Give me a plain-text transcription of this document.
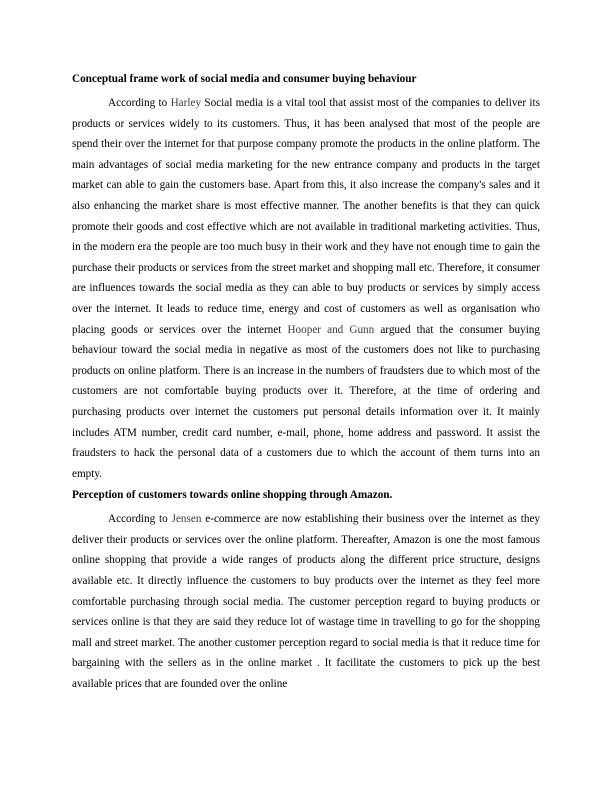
Conceptual frame work of social media and consumer buying behaviour

According to Harley Social media is a vital tool that assist most of the companies to deliver its products or services widely to its customers. Thus, it has been analysed that most of the people are spend their over the internet for that purpose company promote the products in the online platform. The main advantages of social media marketing for the new entrance company and products in the target market can able to gain the customers base. Apart from this, it also increase the company's sales and it also enhancing the market share is most effective manner. The another benefits is that they can quick promote their goods and cost effective which are not available in traditional marketing activities. Thus, in the modern era the people are too much busy in their work and they have not enough time to gain the purchase their products or services from the street market and shopping mall etc. Therefore, it consumer are influences towards the social media as they can able to buy products or services by simply access over the internet. It leads to reduce time, energy and cost of customers as well as organisation who placing goods or services over the internet Hooper and Gunn argued that the consumer buying behaviour toward the social media in negative as most of the customers does not like to purchasing products on online platform. There is an increase in the numbers of fraudsters due to which most of the customers are not comfortable buying products over it. Therefore, at the time of ordering and purchasing products over internet the customers put personal details information over it. It mainly includes ATM number, credit card number, e-mail, phone, home address and password. It assist the fraudsters to hack the personal data of a customers due to which the account of them turns into an empty.

Perception of customers towards online shopping through Amazon.

According to Jensen e-commerce are now establishing their business over the internet as they deliver their products or services over the online platform. Thereafter, Amazon is one the most famous online shopping that provide a wide ranges of products along the different price structure, designs available etc. It directly influence the customers to buy products over the internet as they feel more comfortable purchasing through social media. The customer perception regard to buying products or services online is that they are said they reduce lot of wastage time in travelling to go for the shopping mall and street market. The another customer perception regard to social media is that it reduce time for bargaining with the sellers as in the online market . It facilitate the customers to pick up the best available prices that are founded over the online
